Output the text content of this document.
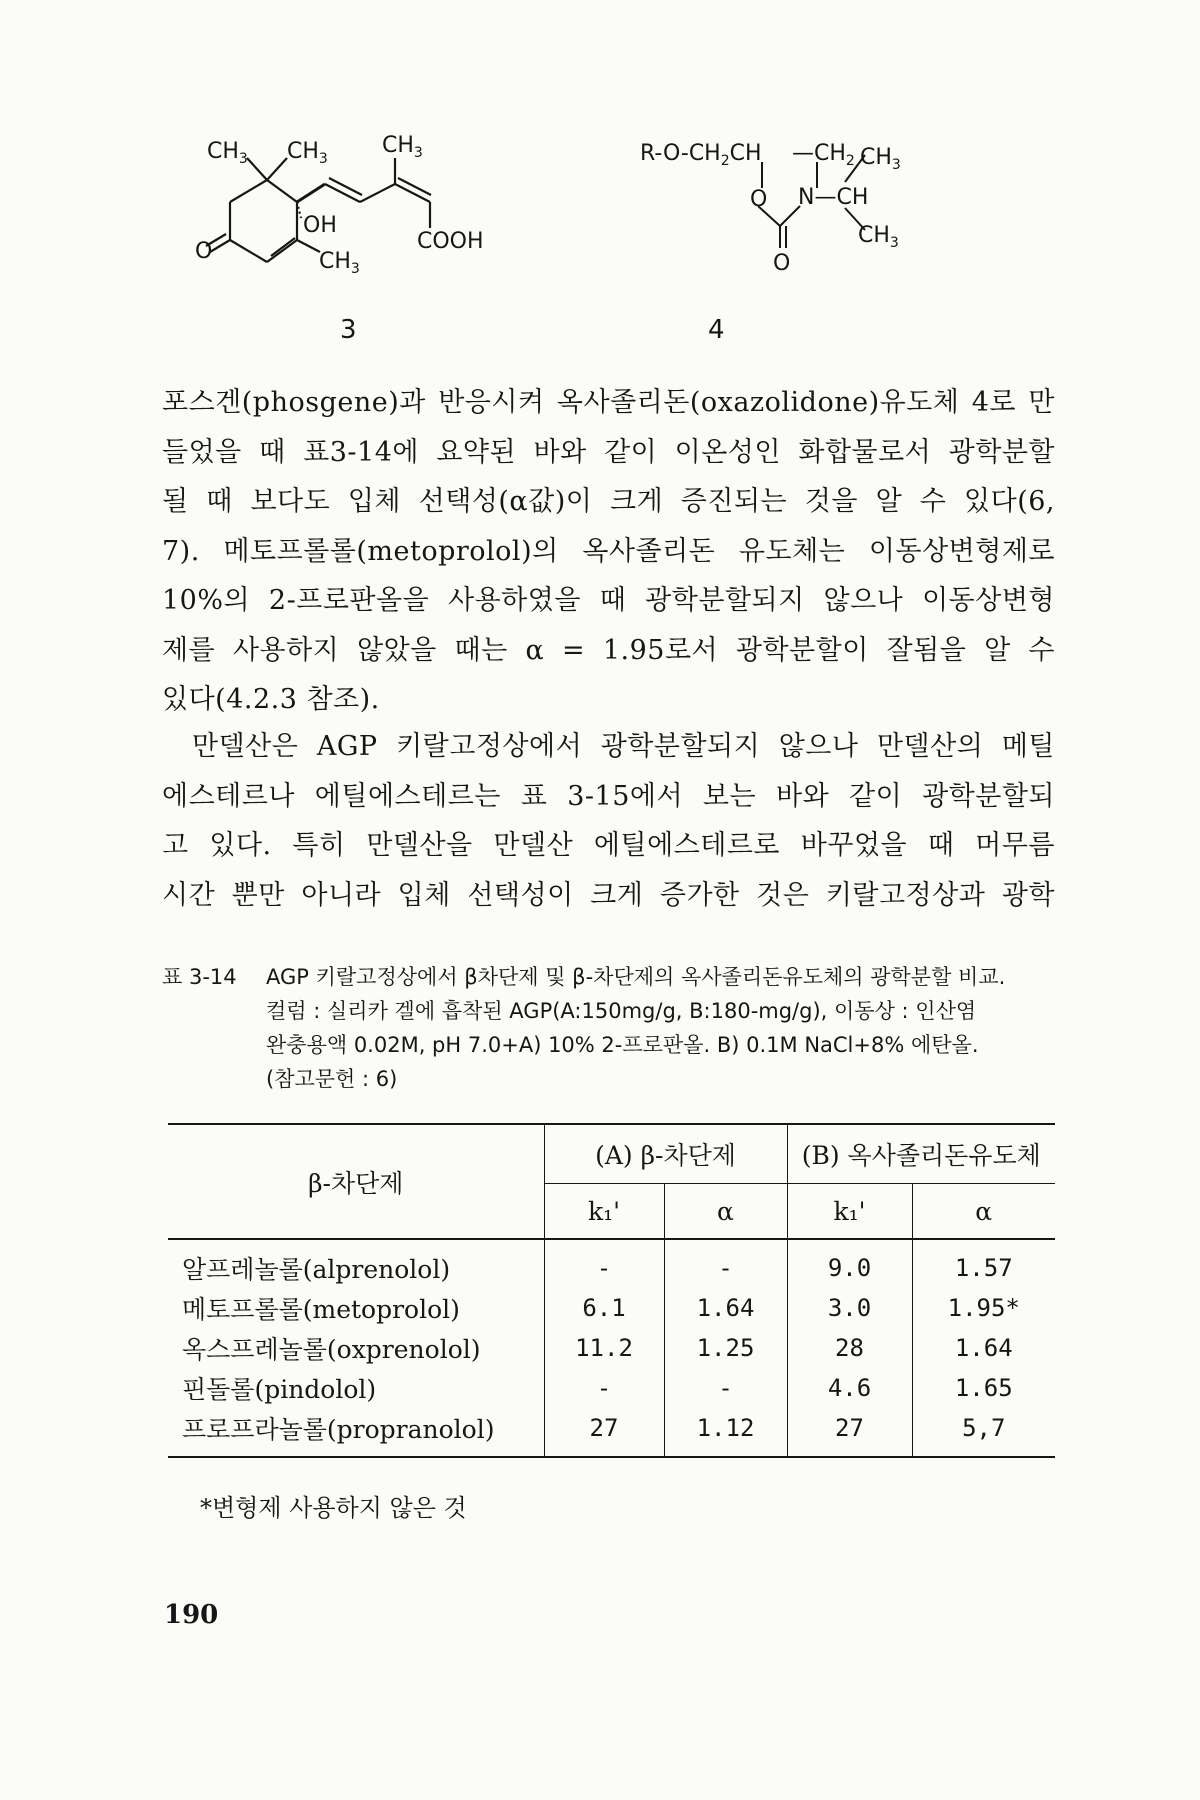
$CH_3$ $CH_3$
$CH_3$
OH
$CH_3$
O	COOH
3
$R-O-CH_2CH$ $—CH_2$ $CH_3$
O N—CH
O
$CH_3$
4
포스겐(phosgene)과 반응시켜 옥사졸리돈(oxazolidone)유도체 4로 만
들었을 때 표3-14에 요약된 바와 같이 이온성인 화합물로서 광학분할
될 때 보다도 입체 선택성(α값)이 크게 증진되는 것을 알 수 있다(6,
7). 메토프롤롤(metoprolol)의 옥사졸리돈 유도체는 이동상변형제로
10%의 2-프로판올을 사용하였을 때 광학분할되지 않으나 이동상변형
제를 사용하지 않았을 때는 α = 1.95로서 광학분할이 잘됨을 알 수
있다(4.2.3 참조).
만델산은 AGP 키랄고정상에서 광학분할되지 않으나 만델산의 메틸
에스테르나 에틸에스테르는 표 3-15에서 보는 바와 같이 광학분할되
고 있다. 특히 만델산을 만델산 에틸에스테르로 바꾸었을 때 머무름
시간 뿐만 아니라 입체 선택성이 크게 증가한 것은 키랄고정상과 광학
표 3-14 AGP 키랄고정상에서 β차단제 및 β-차단제의 옥사졸리돈유도체의 광학분할 비교.
컬럼 : 실리카 겔에 흡착된 AGP(A:150mg/g, B:180-mg/g), 이동상 : 인산염
완충용액 0.02M, pH 7.0+A) 10% 2-프로판올. B) 0.1M NaCl+8% 에탄올.
(참고문헌 : 6)
β-차단제	(A) β-차단제		(B) 옥사졸리돈유도체	
	k₁'	α	k₁'	α
알프레놀롤(alprenolol)	-	-	9.0	1.57
메토프롤롤(metoprolol)	6.1	1.64	3.0	1.95*
옥스프레놀롤(oxprenolol)	11.2	1.25	28	1.64
핀돌롤(pindolol)	-	-	4.6	1.65
프로프라놀롤(propranolol)	27	1.12	27	5,7
*변형제 사용하지 않은 것
190
